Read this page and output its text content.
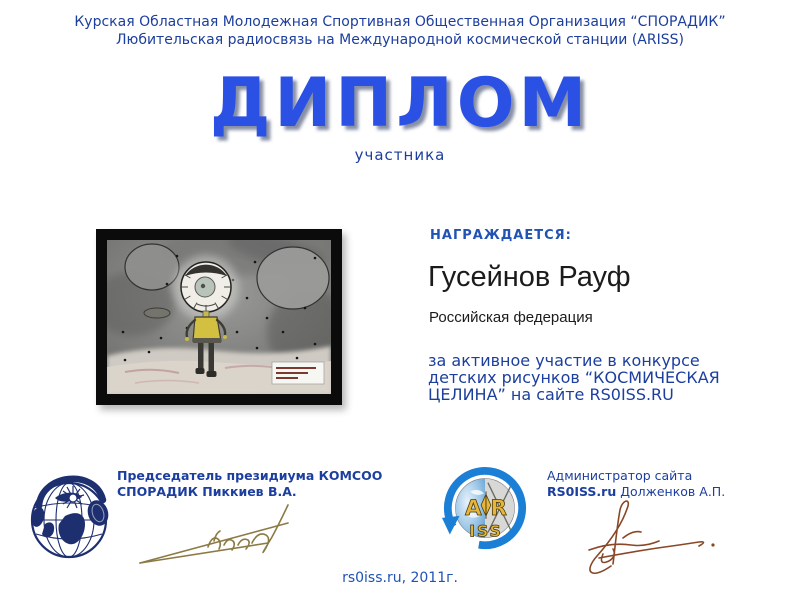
Курская Областная Молодежная Спортивная Общественная Организация “СПОРАДИК”
Любительская радиосвязь на Международной космической станции (ARISS)
ДИПЛОМ
участника
НАГРАЖДАЕТСЯ:
Гусейнов Рауф
Российская федерация
за активное участие в конкурсе
детских рисунков “КОСМИЧЕСКАЯ
ЦЕЛИНА” на сайте RS0ISS.RU
Председатель президиума КОМСОО
СПОРАДИК Пиккиев В.А.
A R
ISS
Администратор сайта
RS0ISS.ru Долженков А.П.
rs0iss.ru, 2011г.
